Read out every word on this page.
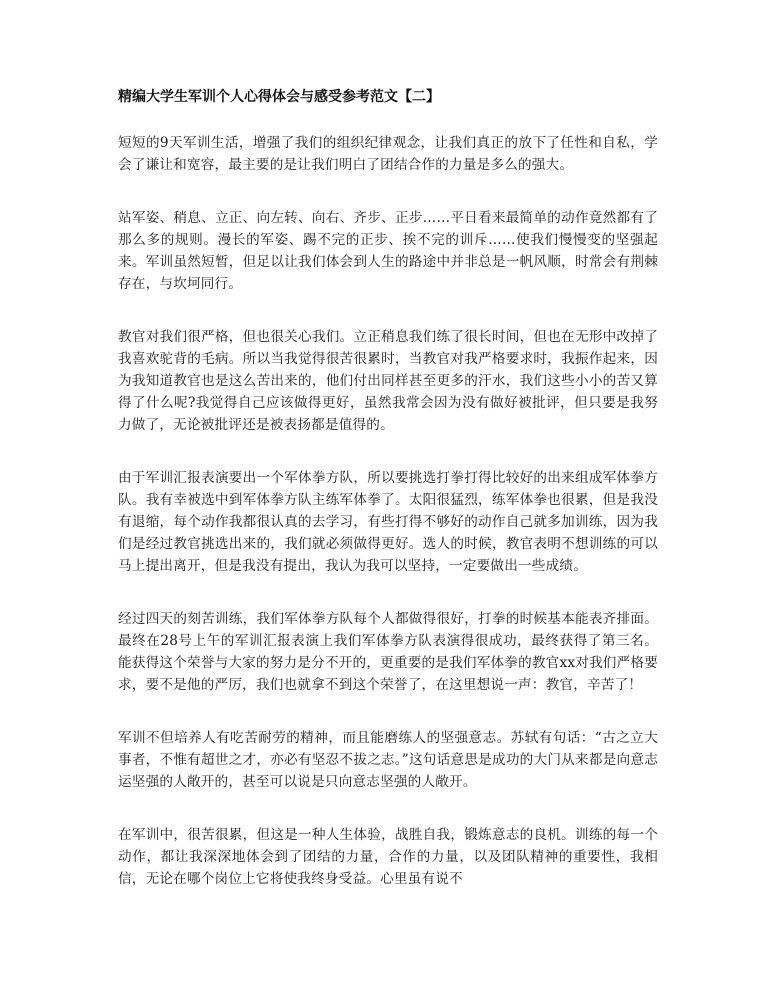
精编大学生军训个人心得体会与感受参考范文【二】

短短的9天军训生活，增强了我们的组织纪律观念，让我们真正的放下了任性和自私，学会了谦让和宽容，最主要的是让我们明白了团结合作的力量是多么的强大。

站军姿、稍息、立正、向左转、向右、齐步、正步……平日看来最简单的动作竟然都有了那么多的规则。漫长的军姿、踢不完的正步、挨不完的训斥……使我们慢慢变的坚强起来。军训虽然短暂，但足以让我们体会到人生的路途中并非总是一帆风顺，时常会有荆棘存在，与坎坷同行。

教官对我们很严格，但也很关心我们。立正稍息我们练了很长时间，但也在无形中改掉了我喜欢驼背的毛病。所以当我觉得很苦很累时，当教官对我严格要求时，我振作起来，因为我知道教官也是这么苦出来的，他们付出同样甚至更多的汗水，我们这些小小的苦又算得了什么呢?我觉得自己应该做得更好，虽然我常会因为没有做好被批评，但只要是我努力做了，无论被批评还是被表扬都是值得的。

由于军训汇报表演要出一个军体拳方队，所以要挑选打拳打得比较好的出来组成军体拳方队。我有幸被选中到军体拳方队主练军体拳了。太阳很猛烈，练军体拳也很累，但是我没有退缩，每个动作我都很认真的去学习，有些打得不够好的动作自己就多加训练，因为我们是经过教官挑选出来的，我们就必须做得更好。选人的时候，教官表明不想训练的可以马上提出离开，但是我没有提出，我认为我可以坚持，一定要做出一些成绩。

经过四天的刻苦训练，我们军体拳方队每个人都做得很好，打拳的时候基本能表齐排面。最终在28号上午的军训汇报表演上我们军体拳方队表演得很成功，最终获得了第三名。能获得这个荣誉与大家的努力是分不开的，更重要的是我们军体拳的教官xx对我们严格要求，要不是他的严厉，我们也就拿不到这个荣誉了，在这里想说一声：教官，辛苦了！

军训不但培养人有吃苦耐劳的精神，而且能磨练人的坚强意志。苏轼有句话：“古之立大事者，不惟有超世之才，亦必有坚忍不拔之志。”这句话意思是成功的大门从来都是向意志运坚强的人敞开的，甚至可以说是只向意志坚强的人敞开。

在军训中，很苦很累，但这是一种人生体验，战胜自我，锻炼意志的良机。训练的每一个动作，都让我深深地体会到了团结的力量，合作的力量，以及团队精神的重要性，我相信，无论在哪个岗位上它将使我终身受益。心里虽有说不
